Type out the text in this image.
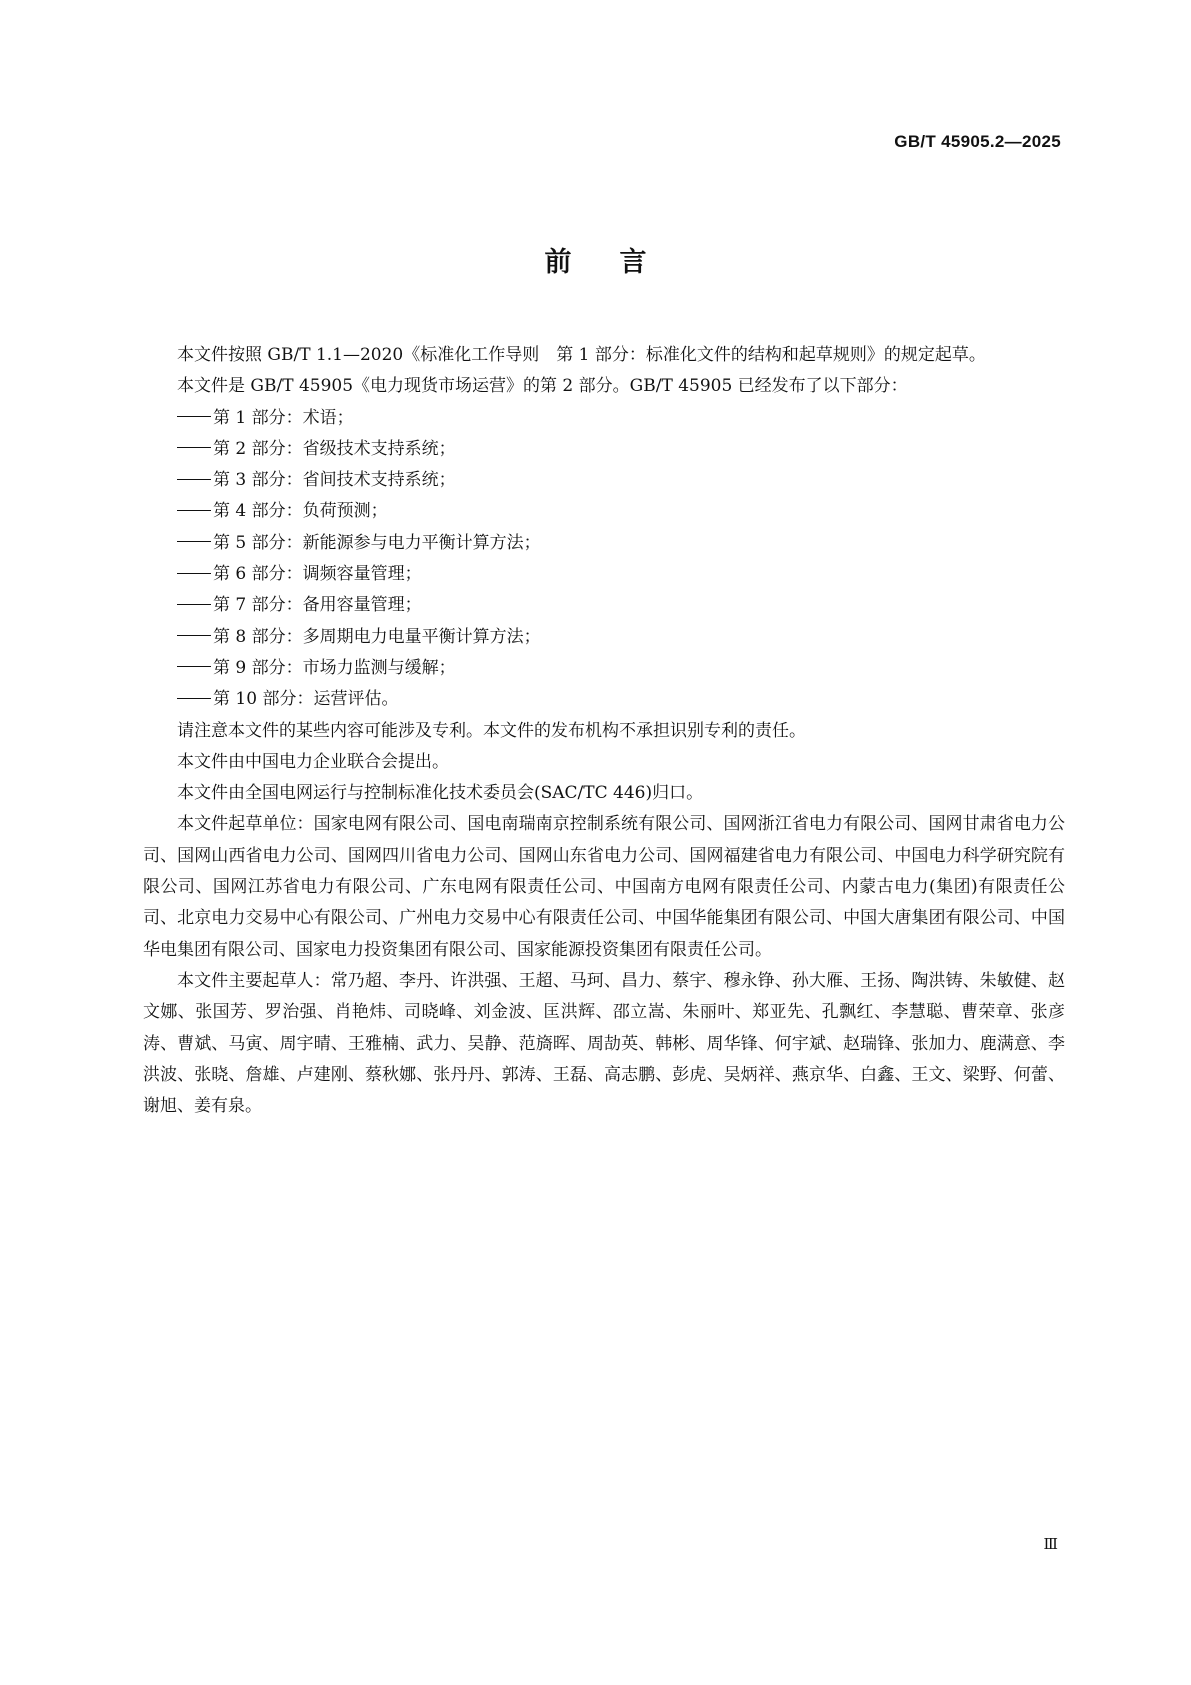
GB/T 45905.2—2025
前言

本文件按照 GB/T 1.1—2020《标准化工作导则　第 1 部分：标准化文件的结构和起草规则》的规定起草。

本文件是 GB/T 45905《电力现货市场运营》的第 2 部分。GB/T 45905 已经发布了以下部分：

第 1 部分：术语；
第 2 部分：省级技术支持系统；
第 3 部分：省间技术支持系统；
第 4 部分：负荷预测；
第 5 部分：新能源参与电力平衡计算方法；
第 6 部分：调频容量管理；
第 7 部分：备用容量管理；
第 8 部分：多周期电力电量平衡计算方法；
第 9 部分：市场力监测与缓解；
第 10 部分：运营评估。

请注意本文件的某些内容可能涉及专利。本文件的发布机构不承担识别专利的责任。

本文件由中国电力企业联合会提出。

本文件由全国电网运行与控制标准化技术委员会(SAC/TC 446)归口。

本文件起草单位：国家电网有限公司、国电南瑞南京控制系统有限公司、国网浙江省电力有限公司、国网甘肃省电力公司、国网山西省电力公司、国网四川省电力公司、国网山东省电力公司、国网福建省电力有限公司、中国电力科学研究院有限公司、国网江苏省电力有限公司、广东电网有限责任公司、中国南方电网有限责任公司、内蒙古电力(集团)有限责任公司、北京电力交易中心有限公司、广州电力交易中心有限责任公司、中国华能集团有限公司、中国大唐集团有限公司、中国华电集团有限公司、国家电力投资集团有限公司、国家能源投资集团有限责任公司。

本文件主要起草人：常乃超、李丹、许洪强、王超、马珂、昌力、蔡宇、穆永铮、孙大雁、王扬、陶洪铸、朱敏健、赵文娜、张国芳、罗治强、肖艳炜、司晓峰、刘金波、匡洪辉、邵立嵩、朱丽叶、郑亚先、孔飘红、李慧聪、曹荣章、张彦涛、曹斌、马寅、周宇晴、王雅楠、武力、吴静、范旖晖、周劼英、韩彬、周华锋、何宇斌、赵瑞锋、张加力、鹿满意、李洪波、张晓、詹雄、卢建刚、蔡秋娜、张丹丹、郭涛、王磊、高志鹏、彭虎、吴炳祥、燕京华、白鑫、王文、梁野、何蕾、谢旭、姜有泉。

Ⅲ
